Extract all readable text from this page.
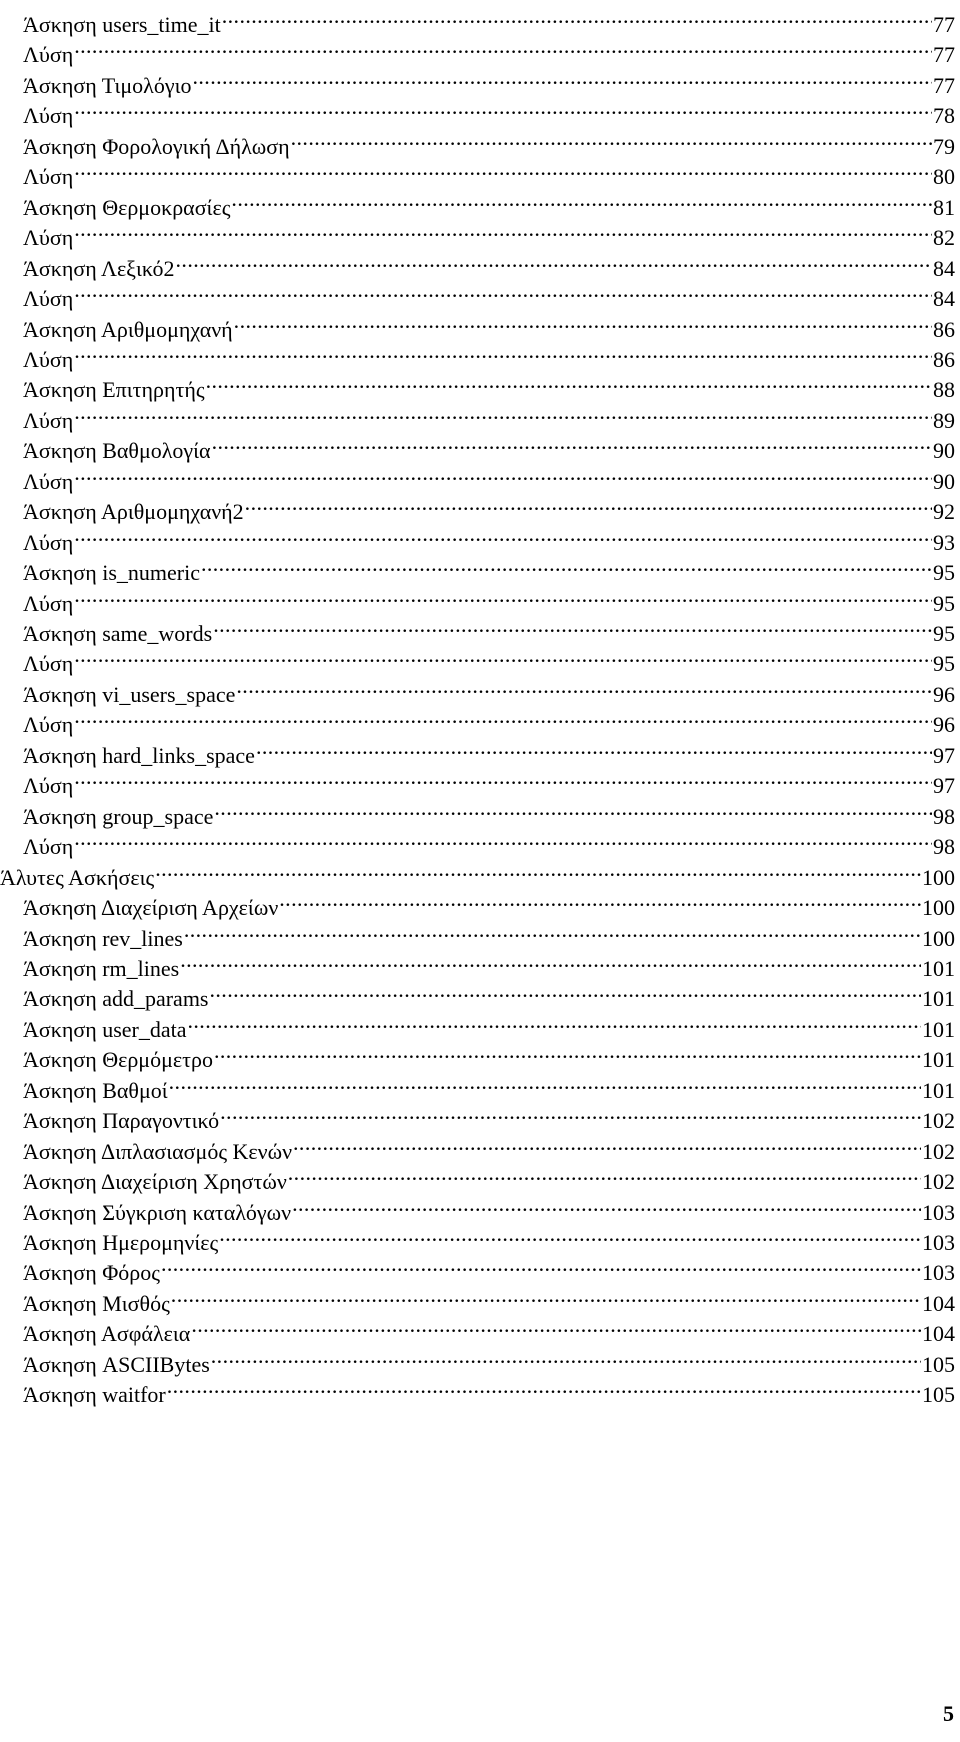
Άσκηση users_time_it .....	77
Λύση .....	77
Άσκηση Τιμολόγιο .....	77
Λύση .....	78
Άσκηση Φορολογική Δήλωση .....	79
Λύση .....	80
Άσκηση Θερμοκρασίες .....	81
Λύση .....	82
Άσκηση Λεξικό2 .....	84
Λύση .....	84
Άσκηση Αριθμομηχανή .....	86
Λύση .....	86
Άσκηση Επιτηρητής .....	88
Λύση .....	89
Άσκηση Βαθμολογία .....	90
Λύση .....	90
Άσκηση Αριθμομηχανή2 .....	92
Λύση .....	93
Άσκηση is_numeric .....	95
Λύση .....	95
Άσκηση same_words .....	95
Λύση .....	95
Άσκηση vi_users_space .....	96
Λύση .....	96
Άσκηση hard_links_space .....	97
Λύση .....	97
Άσκηση group_space .....	98
Λύση .....	98
Άλυτες Ασκήσεις .....	100
Άσκηση Διαχείριση Αρχείων .....	100
Άσκηση rev_lines .....	100
Άσκηση rm_lines .....	101
Άσκηση add_params .....	101
Άσκηση user_data .....	101
Άσκηση Θερμόμετρο .....	101
Άσκηση Βαθμοί .....	101
Άσκηση Παραγοντικό .....	102
Άσκηση Διπλασιασμός Κενών .....	102
Άσκηση Διαχείριση Χρηστών .....	102
Άσκηση Σύγκριση καταλόγων .....	103
Άσκηση Ημερομηνίες .....	103
Άσκηση Φόρος .....	103
Άσκηση Μισθός .....	104
Άσκηση Ασφάλεια .....	104
Άσκηση ASCIIBytes .....	105
Άσκηση waitfor .....	105
5
